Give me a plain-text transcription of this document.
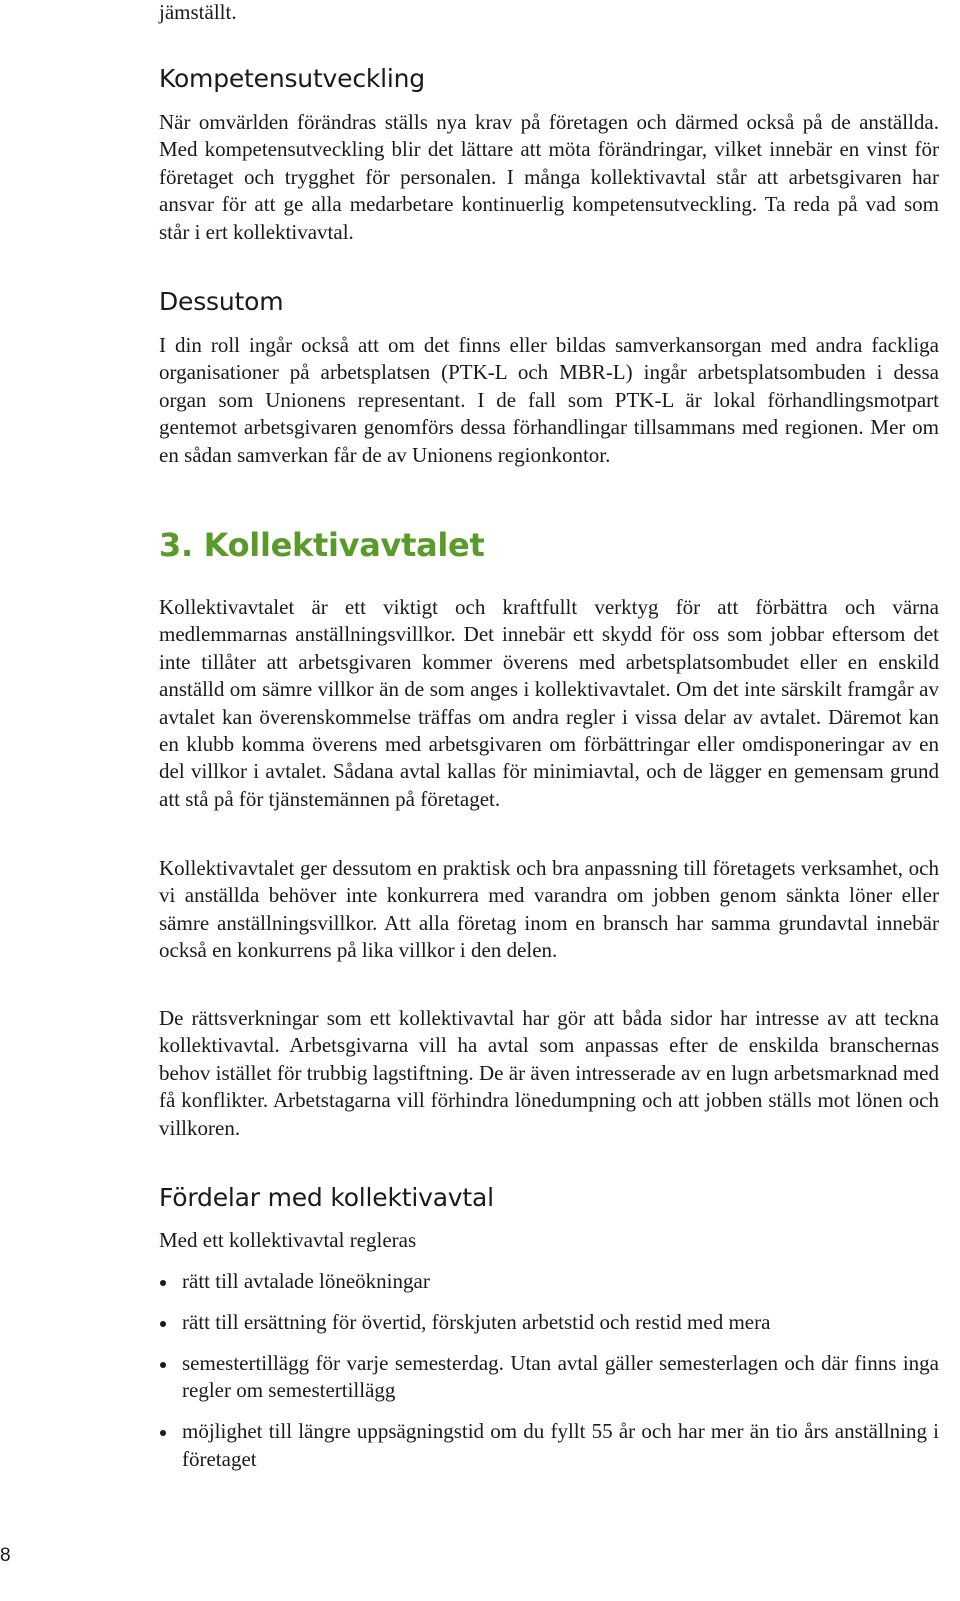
jämställt.
Kompetensutveckling

När omvärlden förändras ställs nya krav på företagen och därmed också på de anställda. Med kompetensutveckling blir det lättare att möta förändringar, vilket innebär en vinst för företaget och trygghet för personalen. I många kollektivavtal står att arbetsgivaren har ansvar för att ge alla medarbetare kontinuerlig kompetensutveckling. Ta reda på vad som står i ert kollektivavtal.

Dessutom

I din roll ingår också att om det finns eller bildas samverkansorgan med andra fackliga organisationer på arbetsplatsen (PTK-L och MBR-L) ingår arbetsplatsombuden i dessa organ som Unionens representant. I de fall som PTK-L är lokal förhandlingsmotpart gentemot arbetsgivaren genomförs dessa förhandlingar tillsammans med regionen. Mer om en sådan samverkan får de av Unionens regionkontor.

3. Kollektivavtalet

Kollektivavtalet är ett viktigt och kraftfullt verktyg för att förbättra och värna medlemmarnas anställningsvillkor. Det innebär ett skydd för oss som jobbar eftersom det inte tillåter att arbetsgivaren kommer överens med arbetsplatsombudet eller en enskild anställd om sämre villkor än de som anges i kollektivavtalet. Om det inte särskilt framgår av avtalet kan överenskommelse träffas om andra regler i vissa delar av avtalet. Däremot kan en klubb komma överens med arbetsgivaren om förbättringar eller omdisponeringar av en del villkor i avtalet. Sådana avtal kallas för minimiavtal, och de lägger en gemensam grund att stå på för tjänstemännen på företaget.

Kollektivavtalet ger dessutom en praktisk och bra anpassning till företagets verksamhet, och vi anställda behöver inte konkurrera med varandra om jobben genom sänkta löner eller sämre anställningsvillkor. Att alla företag inom en bransch har samma grundavtal innebär också en konkurrens på lika villkor i den delen.

De rättsverkningar som ett kollektivavtal har gör att båda sidor har intresse av att teckna kollektivavtal. Arbetsgivarna vill ha avtal som anpassas efter de enskilda branschernas behov istället för trubbig lagstiftning. De är även intresserade av en lugn arbetsmarknad med få konflikter. Arbetstagarna vill förhindra lönedumpning och att jobben ställs mot lönen och villkoren.

Fördelar med kollektivavtal

Med ett kollektivavtal regleras

rätt till avtalade löneökningar
rätt till ersättning för övertid, förskjuten arbetstid och restid med mera
semestertillägg för varje semesterdag. Utan avtal gäller semesterlagen och där finns inga regler om semestertillägg
möjlighet till längre uppsägningstid om du fyllt 55 år och har mer än tio års anställning i företaget
8
